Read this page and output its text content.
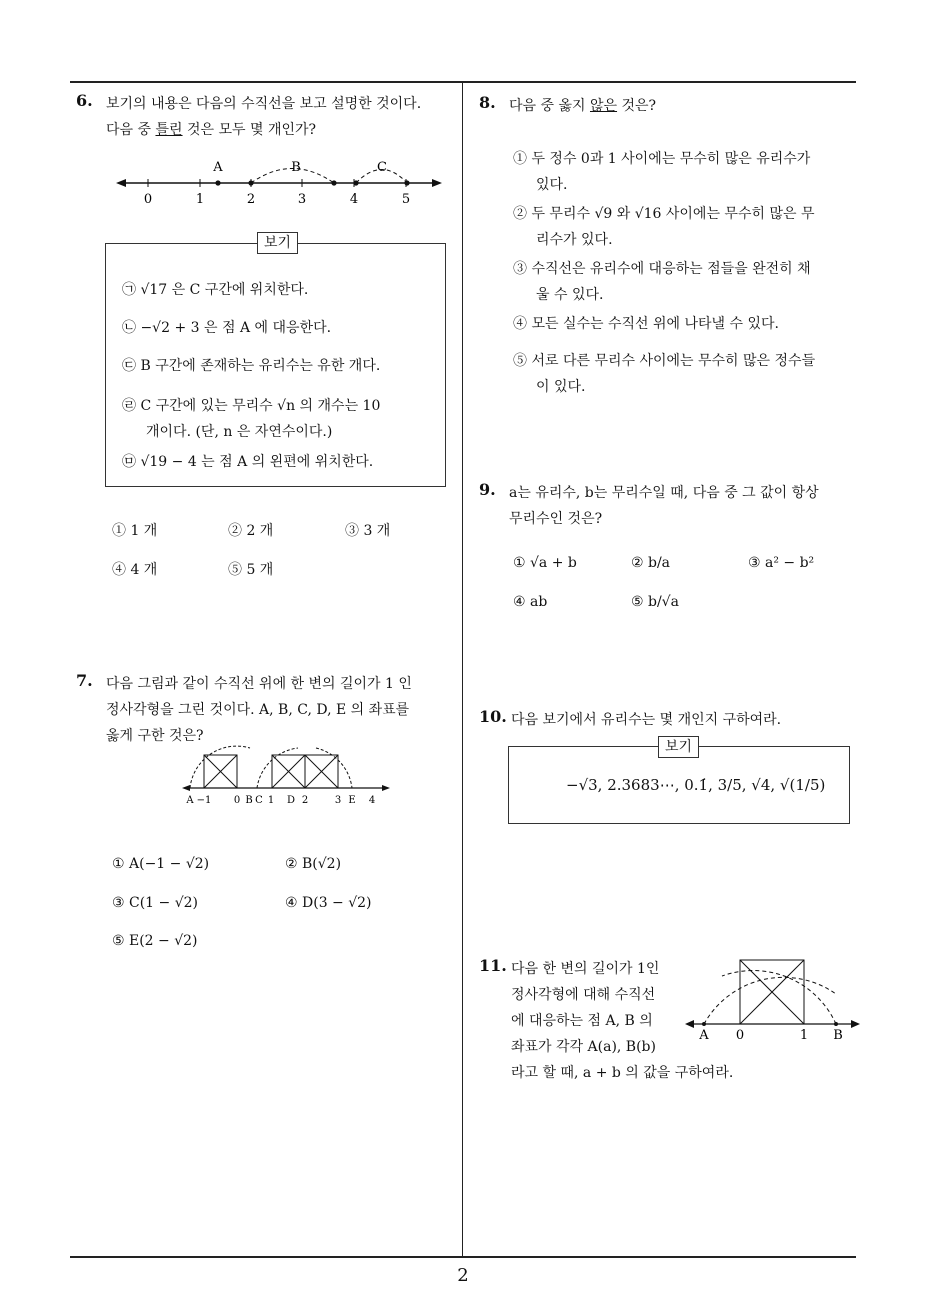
6. 보기의 내용은 다음의 수직선을 보고 설명한 것이다.
다음 중 틀린 것은 모두 몇 개인가?
A	B	C
0	1	2	3	4	5
보기
㉠ √17 은 C 구간에 위치한다.
㉡ −√2 + 3 은 점 A 에 대응한다.
㉢ B 구간에 존재하는 유리수는 유한 개다.
㉣ C 구간에 있는 무리수 √n 의 개수는 10
개이다. (단, n 은 자연수이다.)
㉤ √19 − 4 는 점 A 의 왼편에 위치한다.
① 1 개	② 2 개	③ 3 개
④ 4 개	⑤ 5 개
7. 다음 그림과 같이 수직선 위에 한 변의 길이가 1 인
정사각형을 그린 것이다. A, B, C, D, E 의 좌표를
옳게 구한 것은?
A −1 0 B C 1 D 2	3 E 4
① A(−1 − √2)	② B(√2)
③ C(1 − √2)	④ D(3 − √2)
⑤ E(2 − √2)
8. 다음 중 옳지 않은 것은?
① 두 정수 0과 1 사이에는 무수히 많은 유리수가
있다.
② 두 무리수 √9 와 √16 사이에는 무수히 많은 무
리수가 있다.
③ 수직선은 유리수에 대응하는 점들을 완전히 채
울 수 있다.
④ 모든 실수는 수직선 위에 나타낼 수 있다.
⑤ 서로 다른 무리수 사이에는 무수히 많은 정수들
이 있다.
9. a는 유리수, b는 무리수일 때, 다음 중 그 값이 항상
무리수인 것은?
① √a + b	② b/a	③ a² − b²
④ ab	⑤ b/√a
10. 다음 보기에서 유리수는 몇 개인지 구하여라.
보기
−√3, 2.3683⋯, 0.1̇, 3/5, √4, √(1/5)
11. 다음 한 변의 길이가 1인
정사각형에 대해 수직선
에 대응하는 점 A, B 의
좌표가 각각 A(a), B(b)
라고 할 때, a + b 의 값을 구하여라.
A 0	1 B
2
